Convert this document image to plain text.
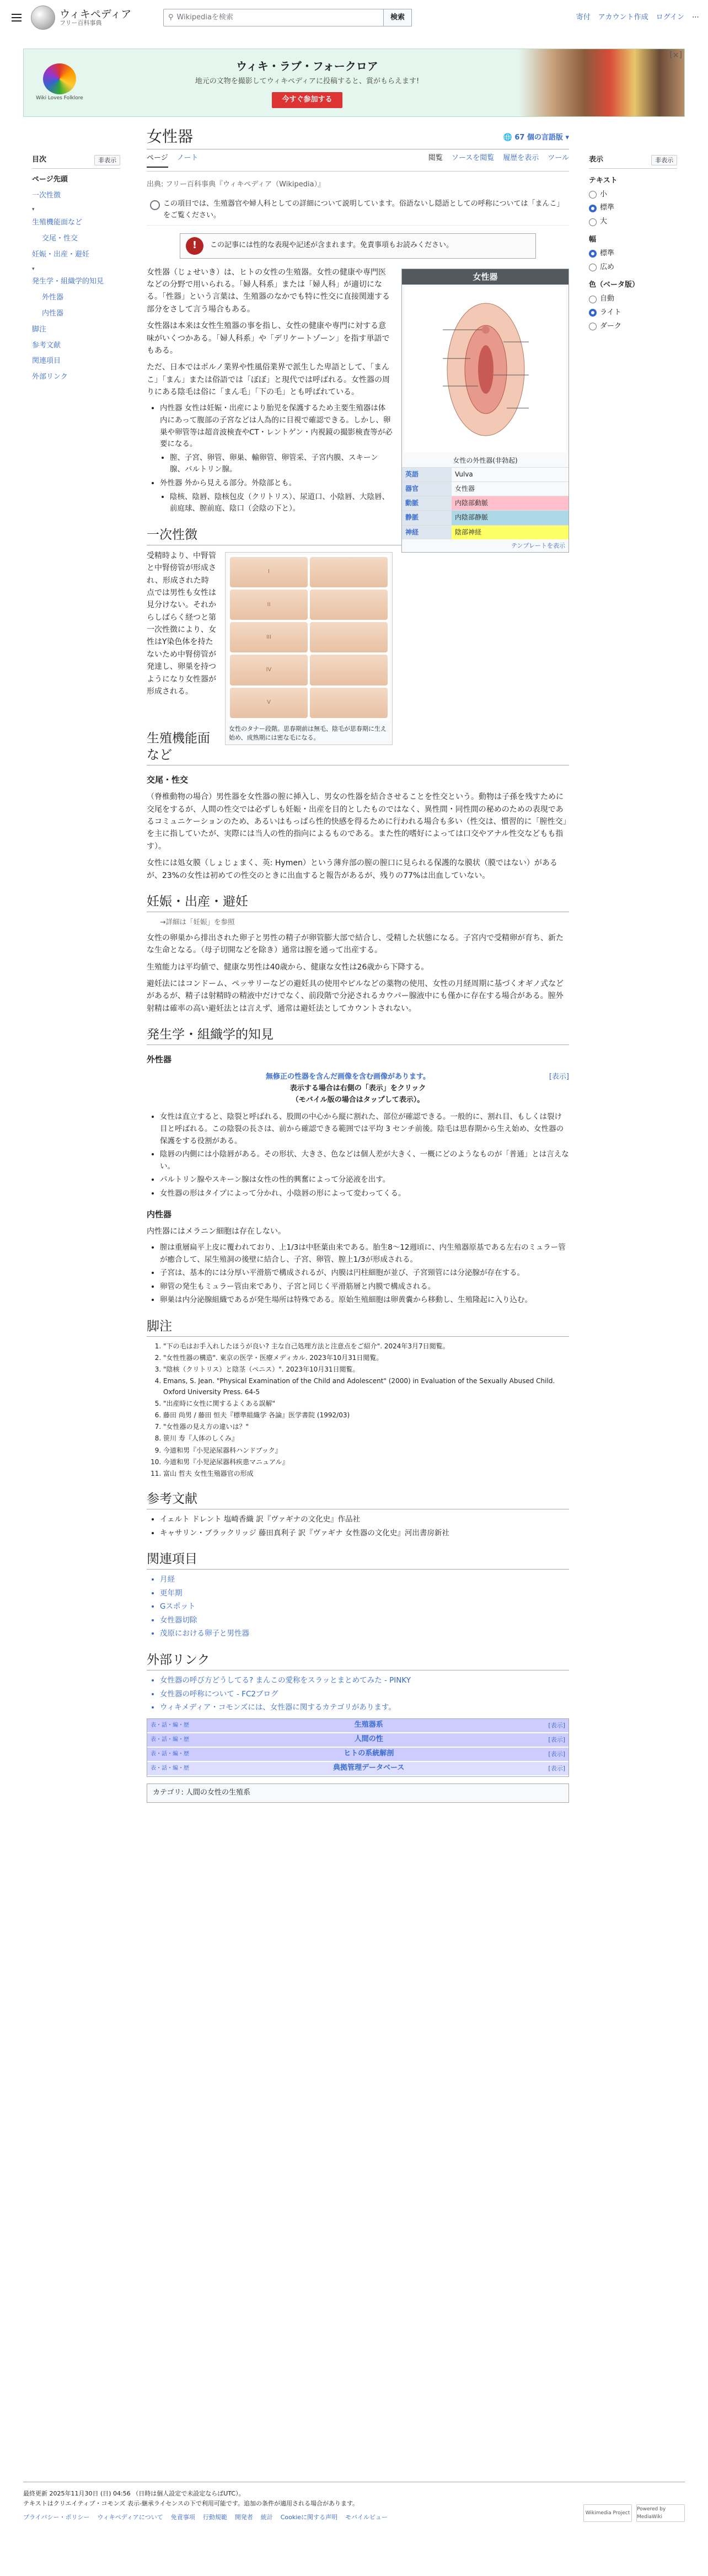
ウィキペディア
フリー百科事典
⚲ Wikipediaを検索	検索	寄付 アカウント作成 ログイン ⋯
Wiki Loves Folklore
ウィキ・ラブ・フォークロア
地元の文物を撮影してウィキペディアに投稿すると、賞がもらえます!
今すぐ参加する
[×]
目次	非表示
ページ先頭
一次性徴
▾
生殖機能面など
交尾・性交
妊娠・出産・避妊
▾
発生学・組織学的知見
外性器
内性器
脚注
参考文献
関連項目
外部リンク
女性器	🌐 67 個の言語版 ▾
ページ ノート	閲覧 ソースを閲覧 履歴を表示 ツール
出典: フリー百科事典『ウィキペディア（Wikipedia）』
この項目では、生殖器官や婦人科としての詳細について説明しています。俗語ないし隠語としての呼称については「まんこ」をご覧ください。
!	この記事には性的な表現や記述が含まれます。免責事項もお読みください。
女性器
女性の外性器(非勃起)
英語	Vulva
器官	女性器
動脈	内陰部動脈
静脈	内陰部静脈
神経	陰部神経
テンプレートを表示

女性器（じょせいき）は、ヒトの女性の生殖器。女性の健康や専門医などの分野で用いられる。「婦人科系」または「婦人科」が適切になる。「性器」という言葉は、生殖器のなかでも特に性交に直接関連する部分をさして言う場合もある。

女性器は本来は女性生殖器の事を指し、女性の健康や専門に対する意味がいくつかある。「婦人科系」や「デリケートゾーン」を指す単語でもある。

ただ、日本ではポルノ業界や性風俗業界で派生した卑語として、「まんこ」「まん」または俗語では「ぼぼ」と現代では呼ばれる。女性器の周りにある陰毛は俗に「まん毛」「下の毛」とも呼ばれている。

• 内性器 女性は妊娠・出産により胎児を保護するため主要生殖器は体内にあって腹部の子宮などは人為的に目視で確認できる。しかし、卵巣や卵管等は超音波検査やCT・レントゲン・内視鏡の撮影検査等が必要になる。
• 膣、子宮、卵管、卵巣、輸卵管、卵管采、子宮内膜、スキーン腺、バルトリン腺。
• 外性器 外から見える部分。外陰部とも。
• 陰核、陰唇、陰核包皮（クリトリス）、尿道口、小陰唇、大陰唇、前庭球、膣前庭、陰口（会陰の下と）。
一次性徴
I
II
III
IV
V
女性のタナー段階。思春期前は無毛、陰毛が思春期に生え始め、成熟期には密な毛になる。

受精時より、中腎管と中腎傍管が形成され、形成された時点では男性も女性は見分けない。それからしばらく経つと第一次性徴により、女性はY染色体を持たないため中腎傍管が発達し、卵巣を持つようになり女性器が形成される。

生殖機能面など
交尾・性交

（脊椎動物の場合）男性器を女性器の膣に挿入し、男女の性器を結合させることを性交という。動物は子孫を残すために交尾をするが、人間の性交では必ずしも妊娠・出産を目的としたものではなく、異性間・同性間の秘めのための表現であるコミュニケーションのため、あるいはもっぱら性的快感を得るために行われる場合も多い（性交は、慣習的に「膣性交」を主に指していたが、実際には当人の性的指向によるものである。また性的嗜好によっては口交やアナル性交などもも指す）。

女性には処女膜（しょじょまく、英: Hymen）という薄弁部の膣の膣口に見られる保護的な膜状（膜ではない）があるが、23%の女性は初めての性交のときに出血すると報告があるが、残りの77%は出血していない。

妊娠・出産・避妊
→詳細は「妊娠」を参照

女性の卵巣から排出された卵子と男性の精子が卵管膨大部で結合し、受精した状態になる。子宮内で受精卵が育ち、新たな生命となる。（母子切開などを除き）通常は膣を通って出産する。

生殖能力は平均値で、健康な男性は40歳から、健康な女性は26歳から下降する。

避妊法にはコンドーム、ペッサリーなどの避妊具の使用やピルなどの薬物の使用、女性の月経周期に基づくオギノ式などがあるが、精子は射精時の精液中だけでなく、前段階で分泌されるカウパー腺液中にも僅かに存在する場合がある。膣外射精は確率の高い避妊法とは言えず、通常は避妊法としてカウントされない。

発生学・組織学的知見
外性器
[表示]
無修正の性器を含んだ画像を含む画像があります。
表示する場合は右側の「表示」をクリック
（モバイル版の場合はタップして表示）。
• 女性は直立すると、陰裂と呼ばれる、股間の中心から縦に割れた、部位が確認できる。一般的に、割れ目、もしくは裂け目と呼ばれる。この陰裂の長さは、前から確認できる範囲では平均 3 センチ前後。陰毛は思春期から生え始め、女性器の保護をする役割がある。
• 陰唇の内側には小陰唇がある。その形状、大きさ、色などは個人差が大きく、一概にどのようなものが「普通」とは言えない。
• パルトリン腺やスキーン腺は女性の性的興奮によって分泌液を出す。
• 女性器の形はタイプによって分かれ、小陰唇の形によって変わってくる。
内性器

内性器にはメラニン細胞は存在しない。

• 膣は重層扁平上皮に覆われており、上1/3は中胚葉由来である。胎生8〜12週頃に、内生殖器原基である左右のミュラー管が癒合して、尿生殖洞の後壁に結合し、子宮、卵管、膣上1/3が形成される。
• 子宮は、基本的には分厚い平滑筋で構成されるが、内膜は円柱細胞が並び、子宮頸管には分泌腺が存在する。
• 卵管の発生もミュラー管由来であり、子宮と同じく平滑筋層と内膜で構成される。
• 卵巣は内分泌腺組織であるが発生場所は特殊である。原始生殖細胞は卵黄嚢から移動し、生殖隆起に入り込む。
脚注
1. "下の毛はお手入れしたほうが良い? 主な自己処理方法と注意点をご紹介". 2024年3月7日閲覧。
2. "女性性器の構造". 東京の医学・医療メディカル. 2023年10月31日閲覧。
3. "陰核（クリトリス）と陰茎（ペニス）". 2023年10月31日閲覧。
4. Emans, S. Jean. "Physical Examination of the Child and Adolescent" (2000) in Evaluation of the Sexually Abused Child. Oxford University Press. 64-5
5. "出産時に女性に関するよくある誤解"
6. 藤田 尚男 / 藤田 恒夫『標準組織学 各論』医学書院 (1992/03)
7. "女性器の見え方の違いは？"
8. 笹川 寿『人体のしくみ』
9. 今道和男『小児泌尿器科ハンドブック』
10. 今道和男『小児泌尿器科疾患マニュアル』
11. 富山 哲夫 女性生殖器官の形成
参考文献
• イェルト ドレント 塩崎香織 訳『ヴァギナの文化史』作品社
• キャサリン・ブラックリッジ 藤田真利子 訳『ヴァギナ 女性器の文化史』河出書房新社
関連項目
• 月経
• 更年期
• Gスポット
• 女性器切除
• 茂原における卵子と男性器
外部リンク
• 女性器の呼び方どうしてる? まんこの愛称をスラッとまとめてみた - PINKY
• 女性器の呼称について - FC2ブログ
• ウィキメディア・コモンズには、女性器に関するカテゴリがあります。
表・話・編・歴	生殖器系	[表示]
表・話・編・歴	人間の性	[表示]
表・話・編・歴	ヒトの系統解剖	[表示]
表・話・編・歴	典拠管理データベース	[表示]
カテゴリ: 人間の女性の生殖系
表示	非表示
テキスト
小
標準
大
幅
標準
広め
色（ベータ版）
自動
ライト
ダーク
最終更新 2025年11月30日 (日) 04:56 （日時は個人設定で未設定ならばUTC）。
テキストはクリエイティブ・コモンズ 表示-継承ライセンスの下で利用可能です。追加の条件が適用される場合があります。
プライバシー・ポリシー ウィキペディアについて 免責事項 行動規範 開発者 統計 Cookieに関する声明 モバイルビュー
Wikimedia Project
Powered by MediaWiki
